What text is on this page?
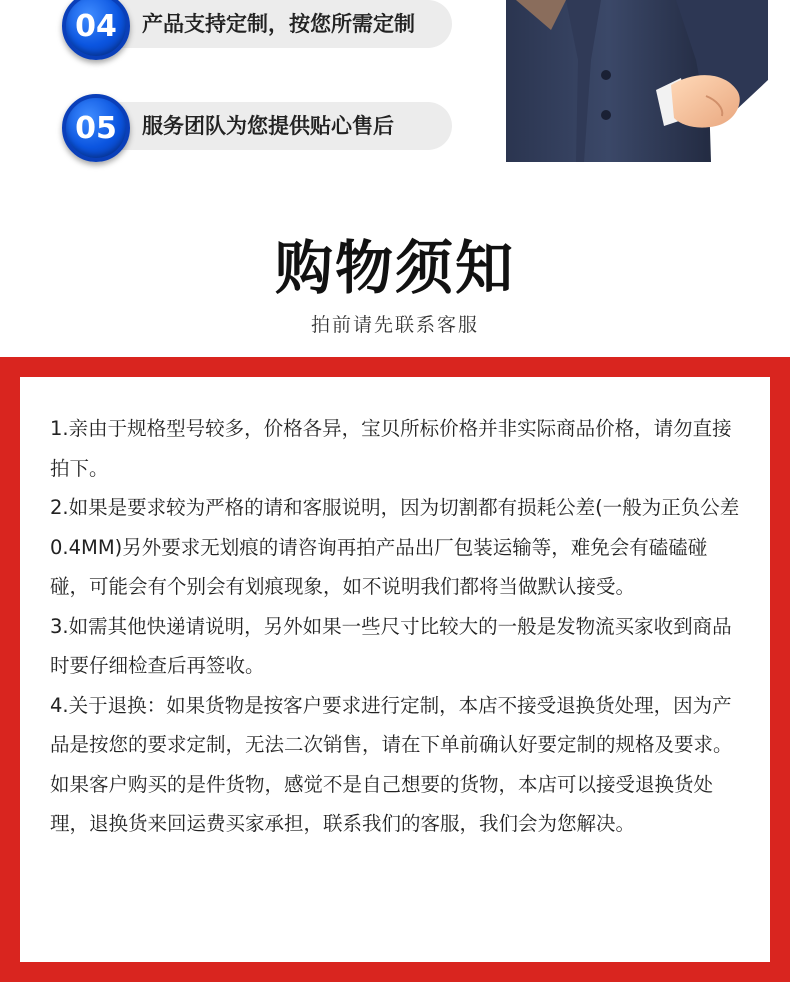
04	产品支持定制，按您所需定制
05	服务团队为您提供贴心售后
购物须知
拍前请先联系客服

1.亲由于规格型号较多，价格各异，宝贝所标价格并非实际商品价格，请勿直接拍下。

2.如果是要求较为严格的请和客服说明，因为切割都有损耗公差(一般为正负公差0.4MM)另外要求无划痕的请咨询再拍产品出厂包装运输等，难免会有磕磕碰碰，可能会有个别会有划痕现象，如不说明我们都将当做默认接受。

3.如需其他快递请说明，另外如果一些尺寸比较大的一般是发物流买家收到商品时要仔细检查后再签收。

4.关于退换：如果货物是按客户要求进行定制，本店不接受退换货处理，因为产品是按您的要求定制，无法二次销售，请在下单前确认好要定制的规格及要求。如果客户购买的是件货物，感觉不是自己想要的货物，本店可以接受退换货处理，退换货来回运费买家承担，联系我们的客服，我们会为您解决。
